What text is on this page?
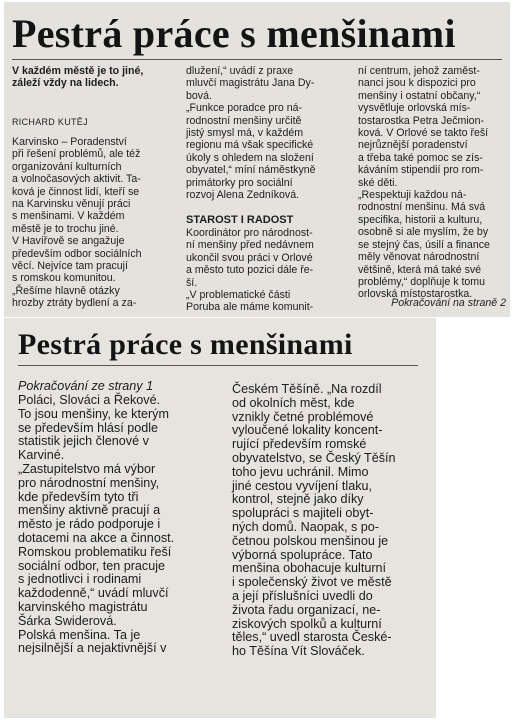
Pestrá práce s menšinami

V každém městě je to jiné,
záleží vždy na lidech.

RICHARD KUTĚJ

Karvinsko – Poradenství
při řešení problémů, ale též
organizování kulturních
a volnočasových aktivit. Ta-
ková je činnost lidí, kteří se
na Karvinsku věnují práci
s menšinami. V každém
městě je to trochu jiné.
V Havířově se angažuje
především odbor sociálních
věcí. Nejvíce tam pracují
s romskou komunitou.
„Řešíme hlavně otázky
hrozby ztráty bydlení a za-

dlužení,“ uvádí z praxe
mluvčí magistrátu Jana Dy-
bová.
„Funkce poradce pro ná-
rodnostní menšiny určitě
jistý smysl má, v každém
regionu má však specifické
úkoly s ohledem na složení
obyvatel,“ míní náměstkyně
primátorky pro sociální
rozvoj Alena Zedníková.

STAROST I RADOST

Koordinátor pro národnost-
ní menšiny před nedávnem
ukončil svou práci v Orlové
a město tuto pozici dále ře-
ší.
„V problematické části
Poruba ale máme komunit-

ní centrum, jehož zaměst-
nanci jsou k dispozici pro
menšiny i ostatní občany,“
vysvětluje orlovská mís-
tostarostka Petra Ječmion-
ková. V Orlové se takto řeší
nejrůznější poradenství
a třeba také pomoc se zís-
káváním stipendií pro rom-
ské děti.
„Respektuji každou ná-
rodnostní menšinu. Má svá
specifika, historii a kulturu,
osobně si ale myslím, že by
se stejný čas, úsilí a finance
měly věnovat národnostní
většině, která má také své
problémy,“ doplňuje k tomu
orlovská místostarostka.

Pokračování na straně 2

Pestrá práce s menšinami

Pokračování ze strany 1

Poláci, Slováci a Řekové.
To jsou menšiny, ke kterým
se především hlásí podle
statistik jejich členové v
Karviné.
„Zastupitelstvo má výbor
pro národnostní menšiny,
kde především tyto tři
menšiny aktivně pracují a
město je rádo podporuje i
dotacemi na akce a činnost.
Romskou problematiku řeší
sociální odbor, ten pracuje
s jednotlivci i rodinami
každodenně,“ uvádí mluvčí
karvinského magistrátu
Šárka Swiderová.
Polská menšina. Ta je
nejsilnější a nejaktivnější v

Českém Těšíně. „Na rozdíl
od okolních měst, kde
vznikly četné problémové
vyloučené lokality koncent-
rující především romské
obyvatelstvo, se Český Těšín
toho jevu uchránil. Mimo
jiné cestou vyvíjení tlaku,
kontrol, stejně jako díky
spolupráci s majiteli obyt-
ných domů. Naopak, s po-
četnou polskou menšinou je
výborná spolupráce. Tato
menšina obohacuje kulturní
i společenský život ve městě
a její příslušníci uvedli do
života řadu organizací, ne-
ziskových spolků a kulturní
těles,“ uvedl starosta České-
ho Těšína Vít Slováček.
